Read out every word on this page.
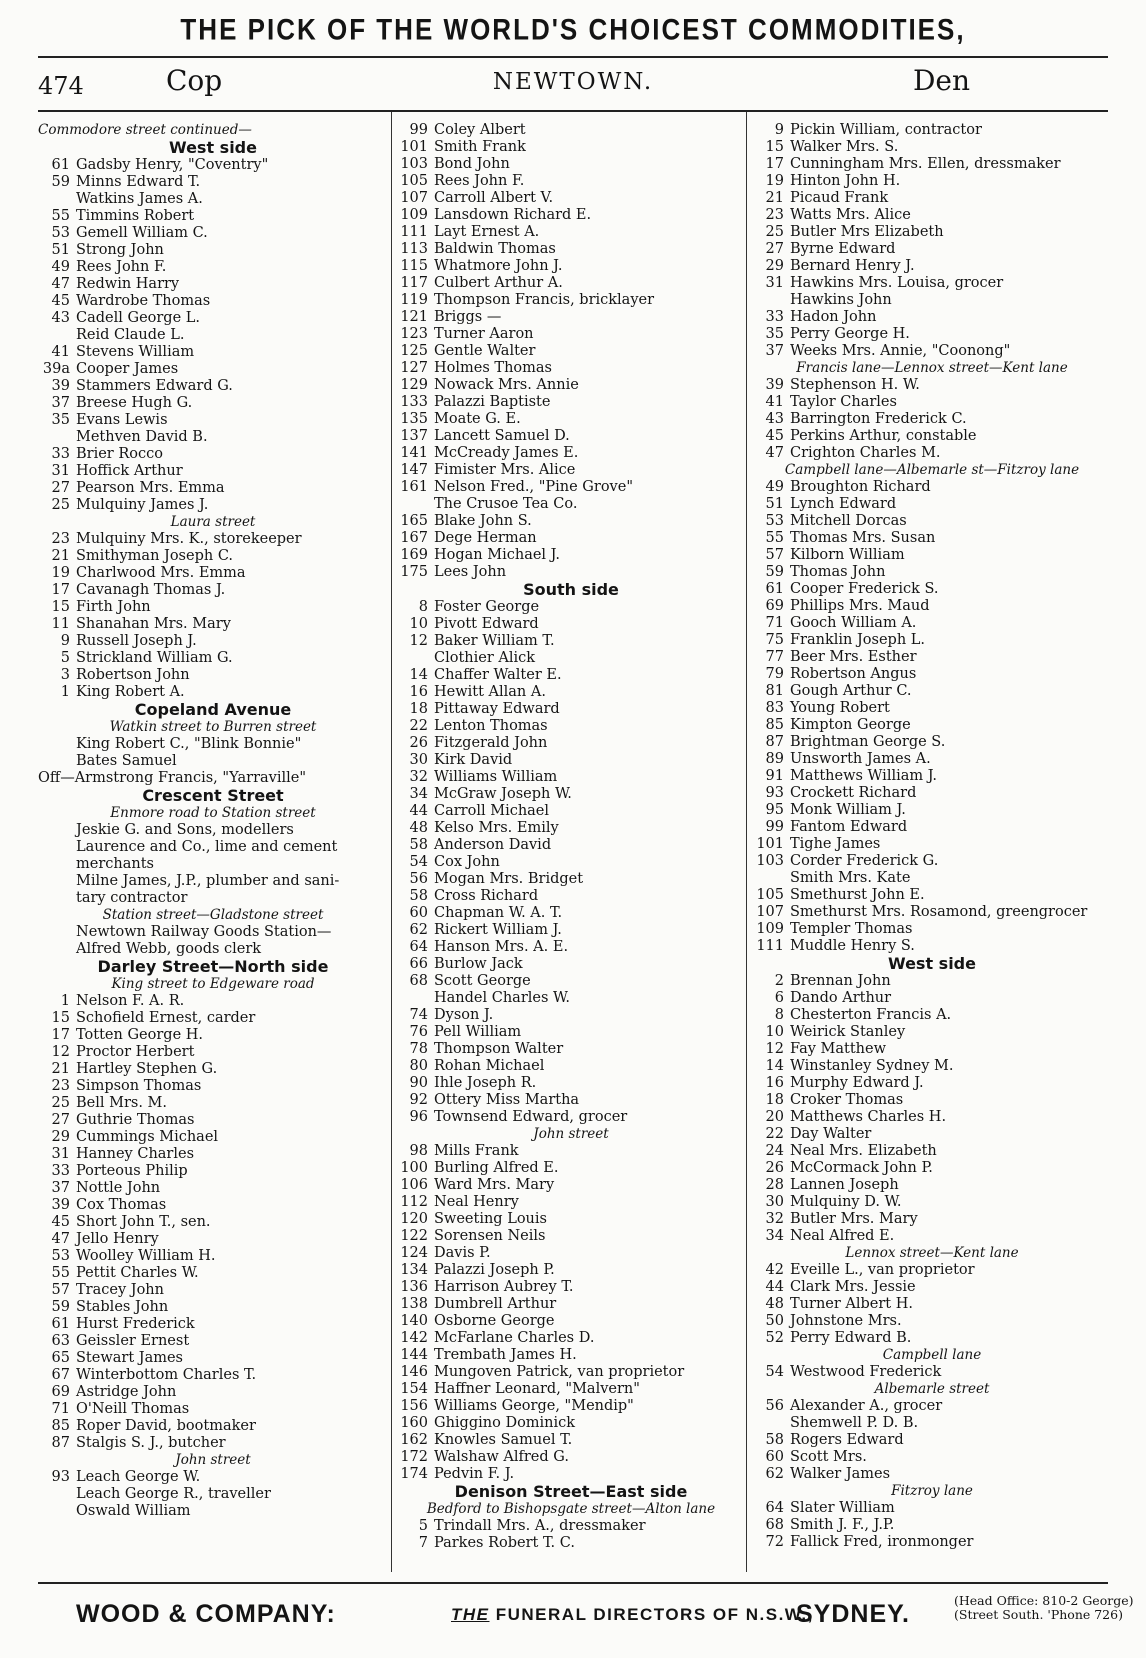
THE PICK OF THE WORLD'S CHOICEST COMMODITIES,
NEWTOWN.
474	Cop	Den
Commodore street continued—
West side
61 Gadsby Henry, "Coventry"
59 Minns Edward T.
Watkins James A.
55 Timmins Robert
53 Gemell William C.
51 Strong John
49 Rees John F.
47 Redwin Harry
45 Wardrobe Thomas
43 Cadell George L.
Reid Claude L.
41 Stevens William
39a Cooper James
39 Stammers Edward G.
37 Breese Hugh G.
35 Evans Lewis
Methven David B.
33 Brier Rocco
31 Hoffick Arthur
27 Pearson Mrs. Emma
25 Mulquiny James J.
Laura street
23 Mulquiny Mrs. K., storekeeper
21 Smithyman Joseph C.
19 Charlwood Mrs. Emma
17 Cavanagh Thomas J.
15 Firth John
11 Shanahan Mrs. Mary
9 Russell Joseph J.
5 Strickland William G.
3 Robertson John
1 King Robert A.
Copeland Avenue
Watkin street to Burren street
King Robert C., "Blink Bonnie"
Bates Samuel
Off—Armstrong Francis, "Yarraville"
Crescent Street
Enmore road to Station street
Jeskie G. and Sons, modellers
Laurence and Co., lime and cement
merchants
Milne James, J.P., plumber and sani-
tary contractor
Station street—Gladstone street
Newtown Railway Goods Station—
Alfred Webb, goods clerk
Darley Street—North side
King street to Edgeware road
1 Nelson F. A. R.
15 Schofield Ernest, carder
17 Totten George H.
12 Proctor Herbert
21 Hartley Stephen G.
23 Simpson Thomas
25 Bell Mrs. M.
27 Guthrie Thomas
29 Cummings Michael
31 Hanney Charles
33 Porteous Philip
37 Nottle John
39 Cox Thomas
45 Short John T., sen.
47 Jello Henry
53 Woolley William H.
55 Pettit Charles W.
57 Tracey John
59 Stables John
61 Hurst Frederick
63 Geissler Ernest
65 Stewart James
67 Winterbottom Charles T.
69 Astridge John
71 O'Neill Thomas
85 Roper David, bootmaker
87 Stalgis S. J., butcher
John street
93 Leach George W.
Leach George R., traveller
Oswald William
99 Coley Albert
101 Smith Frank
103 Bond John
105 Rees John F.
107 Carroll Albert V.
109 Lansdown Richard E.
111 Layt Ernest A.
113 Baldwin Thomas
115 Whatmore John J.
117 Culbert Arthur A.
119 Thompson Francis, bricklayer
121 Briggs —
123 Turner Aaron
125 Gentle Walter
127 Holmes Thomas
129 Nowack Mrs. Annie
133 Palazzi Baptiste
135 Moate G. E.
137 Lancett Samuel D.
141 McCready James E.
147 Fimister Mrs. Alice
161 Nelson Fred., "Pine Grove"
The Crusoe Tea Co.
165 Blake John S.
167 Dege Herman
169 Hogan Michael J.
175 Lees John
South side
8 Foster George
10 Pivott Edward
12 Baker William T.
Clothier Alick
14 Chaffer Walter E.
16 Hewitt Allan A.
18 Pittaway Edward
22 Lenton Thomas
26 Fitzgerald John
30 Kirk David
32 Williams William
34 McGraw Joseph W.
44 Carroll Michael
48 Kelso Mrs. Emily
58 Anderson David
54 Cox John
56 Mogan Mrs. Bridget
58 Cross Richard
60 Chapman W. A. T.
62 Rickert William J.
64 Hanson Mrs. A. E.
66 Burlow Jack
68 Scott George
Handel Charles W.
74 Dyson J.
76 Pell William
78 Thompson Walter
80 Rohan Michael
90 Ihle Joseph R.
92 Ottery Miss Martha
96 Townsend Edward, grocer
John street
98 Mills Frank
100 Burling Alfred E.
106 Ward Mrs. Mary
112 Neal Henry
120 Sweeting Louis
122 Sorensen Neils
124 Davis P.
134 Palazzi Joseph P.
136 Harrison Aubrey T.
138 Dumbrell Arthur
140 Osborne George
142 McFarlane Charles D.
144 Trembath James H.
146 Mungoven Patrick, van proprietor
154 Haffner Leonard, "Malvern"
156 Williams George, "Mendip"
160 Ghiggino Dominick
162 Knowles Samuel T.
172 Walshaw Alfred G.
174 Pedvin F. J.
Denison Street—East side
Bedford to Bishopsgate street—Alton lane
5 Trindall Mrs. A., dressmaker
7 Parkes Robert T. C.
9 Pickin William, contractor
15 Walker Mrs. S.
17 Cunningham Mrs. Ellen, dressmaker
19 Hinton John H.
21 Picaud Frank
23 Watts Mrs. Alice
25 Butler Mrs Elizabeth
27 Byrne Edward
29 Bernard Henry J.
31 Hawkins Mrs. Louisa, grocer
Hawkins John
33 Hadon John
35 Perry George H.
37 Weeks Mrs. Annie, "Coonong"
Francis lane—Lennox street—Kent lane
39 Stephenson H. W.
41 Taylor Charles
43 Barrington Frederick C.
45 Perkins Arthur, constable
47 Crighton Charles M.
Campbell lane—Albemarle st—Fitzroy lane
49 Broughton Richard
51 Lynch Edward
53 Mitchell Dorcas
55 Thomas Mrs. Susan
57 Kilborn William
59 Thomas John
61 Cooper Frederick S.
69 Phillips Mrs. Maud
71 Gooch William A.
75 Franklin Joseph L.
77 Beer Mrs. Esther
79 Robertson Angus
81 Gough Arthur C.
83 Young Robert
85 Kimpton George
87 Brightman George S.
89 Unsworth James A.
91 Matthews William J.
93 Crockett Richard
95 Monk William J.
99 Fantom Edward
101 Tighe James
103 Corder Frederick G.
Smith Mrs. Kate
105 Smethurst John E.
107 Smethurst Mrs. Rosamond, greengrocer
109 Templer Thomas
111 Muddle Henry S.
West side
2 Brennan John
6 Dando Arthur
8 Chesterton Francis A.
10 Weirick Stanley
12 Fay Matthew
14 Winstanley Sydney M.
16 Murphy Edward J.
18 Croker Thomas
20 Matthews Charles H.
22 Day Walter
24 Neal Mrs. Elizabeth
26 McCormack John P.
28 Lannen Joseph
30 Mulquiny D. W.
32 Butler Mrs. Mary
34 Neal Alfred E.
Lennox street—Kent lane
42 Eveille L., van proprietor
44 Clark Mrs. Jessie
48 Turner Albert H.
50 Johnstone Mrs.
52 Perry Edward B.
Campbell lane
54 Westwood Frederick
Albemarle street
56 Alexander A., grocer
Shemwell P. D. B.
58 Rogers Edward
60 Scott Mrs.
62 Walker James
Fitzroy lane
64 Slater William
68 Smith J. F., J.P.
72 Fallick Fred, ironmonger
WOOD & COMPANY:	THE FUNERAL DIRECTORS OF N.S.W.,
SYDNEY.	(Head Office: 810-2 George)
(Street South. 'Phone 726)
